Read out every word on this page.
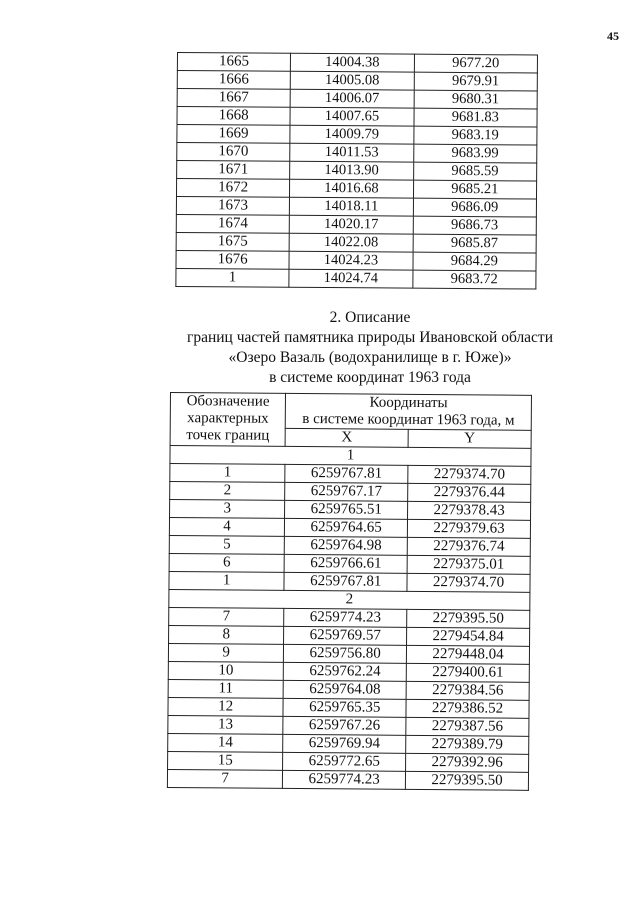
45
1665	14004.38	9677.20
1666	14005.08	9679.91
1667	14006.07	9680.31
1668	14007.65	9681.83
1669	14009.79	9683.19
1670	14011.53	9683.99
1671	14013.90	9685.59
1672	14016.68	9685.21
1673	14018.11	9686.09
1674	14020.17	9686.73
1675	14022.08	9685.87
1676	14024.23	9684.29
1	14024.74	9683.72
2. Описание
границ частей памятника природы Ивановской области
«Озеро Вазаль (водохранилище в г. Юже)»
в системе координат 1963 года
Обозначение
характерных
точек границ

Координаты
в системе координат 1963 года, м

	X	Y
1		
1	6259767.81	2279374.70
2	6259767.17	2279376.44
3	6259765.51	2279378.43
4	6259764.65	2279379.63
5	6259764.98	2279376.74
6	6259766.61	2279375.01
1	6259767.81	2279374.70
2		
7	6259774.23	2279395.50
8	6259769.57	2279454.84
9	6259756.80	2279448.04
10	6259762.24	2279400.61
11	6259764.08	2279384.56
12	6259765.35	2279386.52
13	6259767.26	2279387.56
14	6259769.94	2279389.79
15	6259772.65	2279392.96
7	6259774.23	2279395.50
